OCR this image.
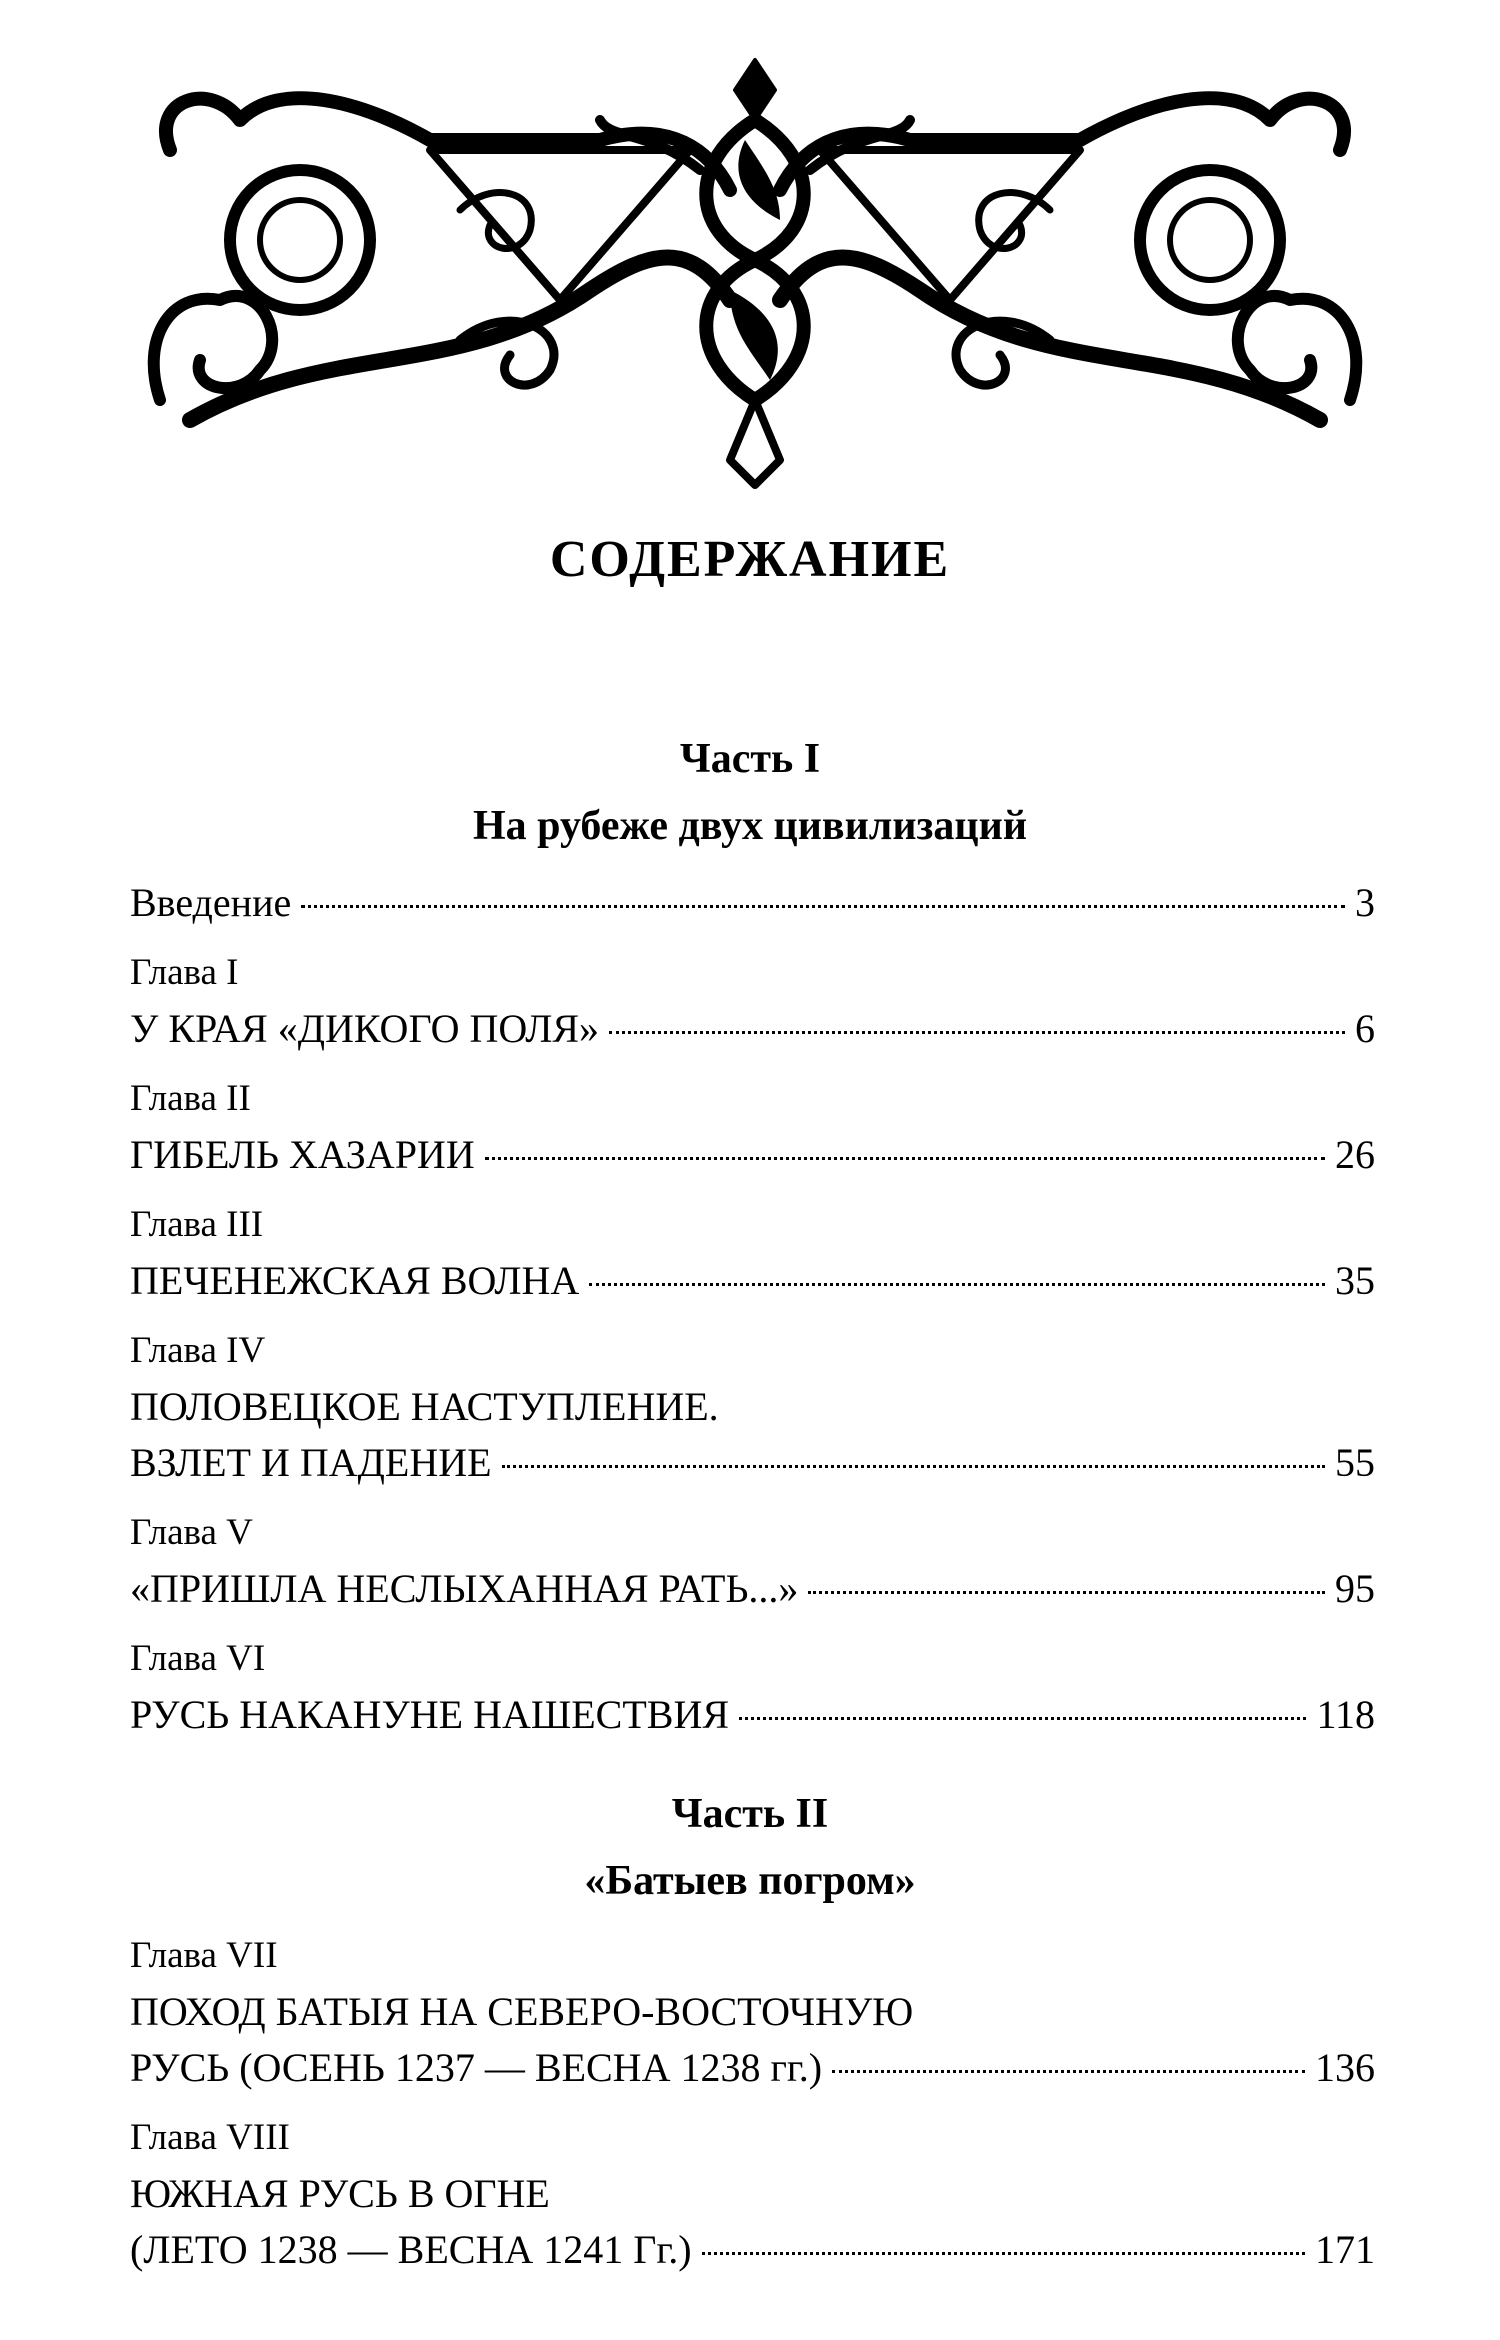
СОДЕРЖАНИЕ
Часть I
На рубеже двух цивилизаций
Введение	3
Глава I
У КРАЯ «ДИКОГО ПОЛЯ»	6
Глава II
ГИБЕЛЬ ХАЗАРИИ	26
Глава III
ПЕЧЕНЕЖСКАЯ ВОЛНА	35
Глава IV
ПОЛОВЕЦКОЕ НАСТУПЛЕНИЕ.
ВЗЛЕТ И ПАДЕНИЕ	55
Глава V
«ПРИШЛА НЕСЛЫХАННАЯ РАТЬ...»	95
Глава VI
РУСЬ НАКАНУНЕ НАШЕСТВИЯ	118
Часть II
«Батыев погром»
Глава VII
ПОХОД БАТЫЯ НА СЕВЕРО-ВОСТОЧНУЮ
РУСЬ (ОСЕНЬ 1237 — ВЕСНА 1238 гг.)	136
Глава VIII
ЮЖНАЯ РУСЬ В ОГНЕ
(ЛЕТО 1238 — ВЕСНА 1241 Гг.)	171
